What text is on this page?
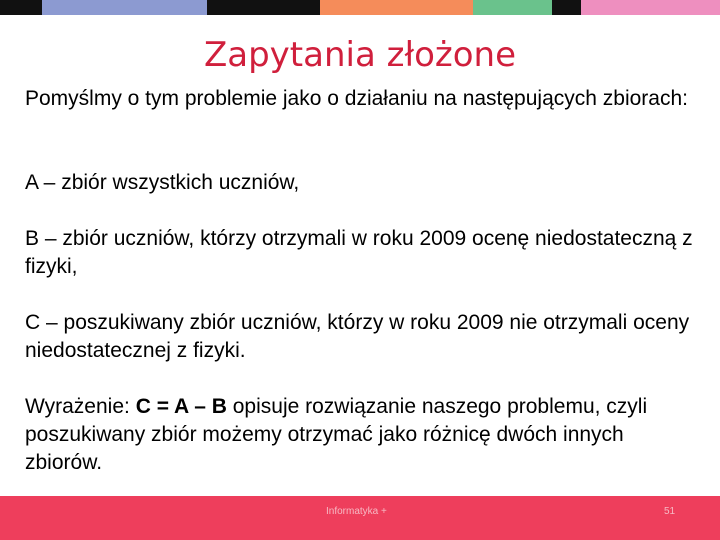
Zapytania złożone

Pomyślmy o tym problemie jako o działaniu na następujących zbiorach:

A – zbiór wszystkich uczniów,

B – zbiór uczniów, którzy otrzymali w roku 2009 ocenę niedostateczną z fizyki,

C – poszukiwany zbiór uczniów, którzy w roku 2009 nie otrzymali oceny niedostatecznej z fizyki.

Wyrażenie: C = A – B opisuje rozwiązanie naszego problemu, czyli poszukiwany zbiór możemy otrzymać jako różnicę dwóch innych zbiorów.

Informatyka +	51
